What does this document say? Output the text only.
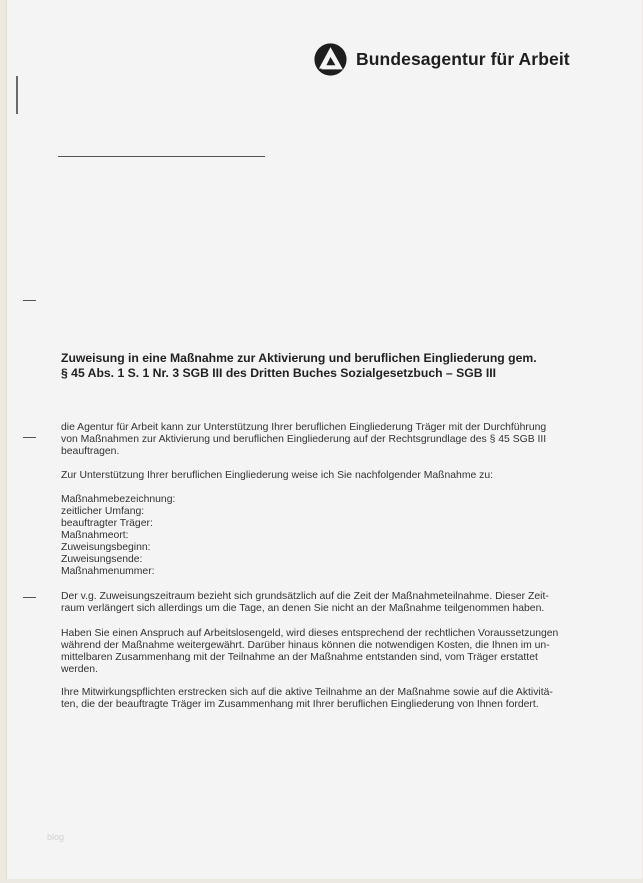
Bundesagentur für Arbeit
Zuweisung in eine Maßnahme zur Aktivierung und beruflichen Eingliederung gem.
§ 45 Abs. 1 S. 1 Nr. 3 SGB III des Dritten Buches Sozialgesetzbuch – SGB III
die Agentur für Arbeit kann zur Unterstützung Ihrer beruflichen Eingliederung Träger mit der Durchführung
von Maßnahmen zur Aktivierung und beruflichen Eingliederung auf der Rechtsgrundlage des § 45 SGB III
beauftragen.
Zur Unterstützung Ihrer beruflichen Eingliederung weise ich Sie nachfolgender Maßnahme zu:
Maßnahmebezeichnung:
zeitlicher Umfang:
beauftragter Träger:
Maßnahmeort:
Zuweisungsbeginn:
Zuweisungsende:
Maßnahmenummer:
Der v.g. Zuweisungszeitraum bezieht sich grundsätzlich auf die Zeit der Maßnahmeteilnahme. Dieser Zeit-
raum verlängert sich allerdings um die Tage, an denen Sie nicht an der Maßnahme teilgenommen haben.
Haben Sie einen Anspruch auf Arbeitslosengeld, wird dieses entsprechend der rechtlichen Voraussetzungen
während der Maßnahme weitergewährt. Darüber hinaus können die notwendigen Kosten, die Ihnen im un-
mittelbaren Zusammenhang mit der Teilnahme an der Maßnahme entstanden sind, vom Träger erstattet
werden.
Ihre Mitwirkungspflichten erstrecken sich auf die aktive Teilnahme an der Maßnahme sowie auf die Aktivitä-
ten, die der beauftragte Träger im Zusammenhang mit Ihrer beruflichen Eingliederung von Ihnen fordert.
blog
